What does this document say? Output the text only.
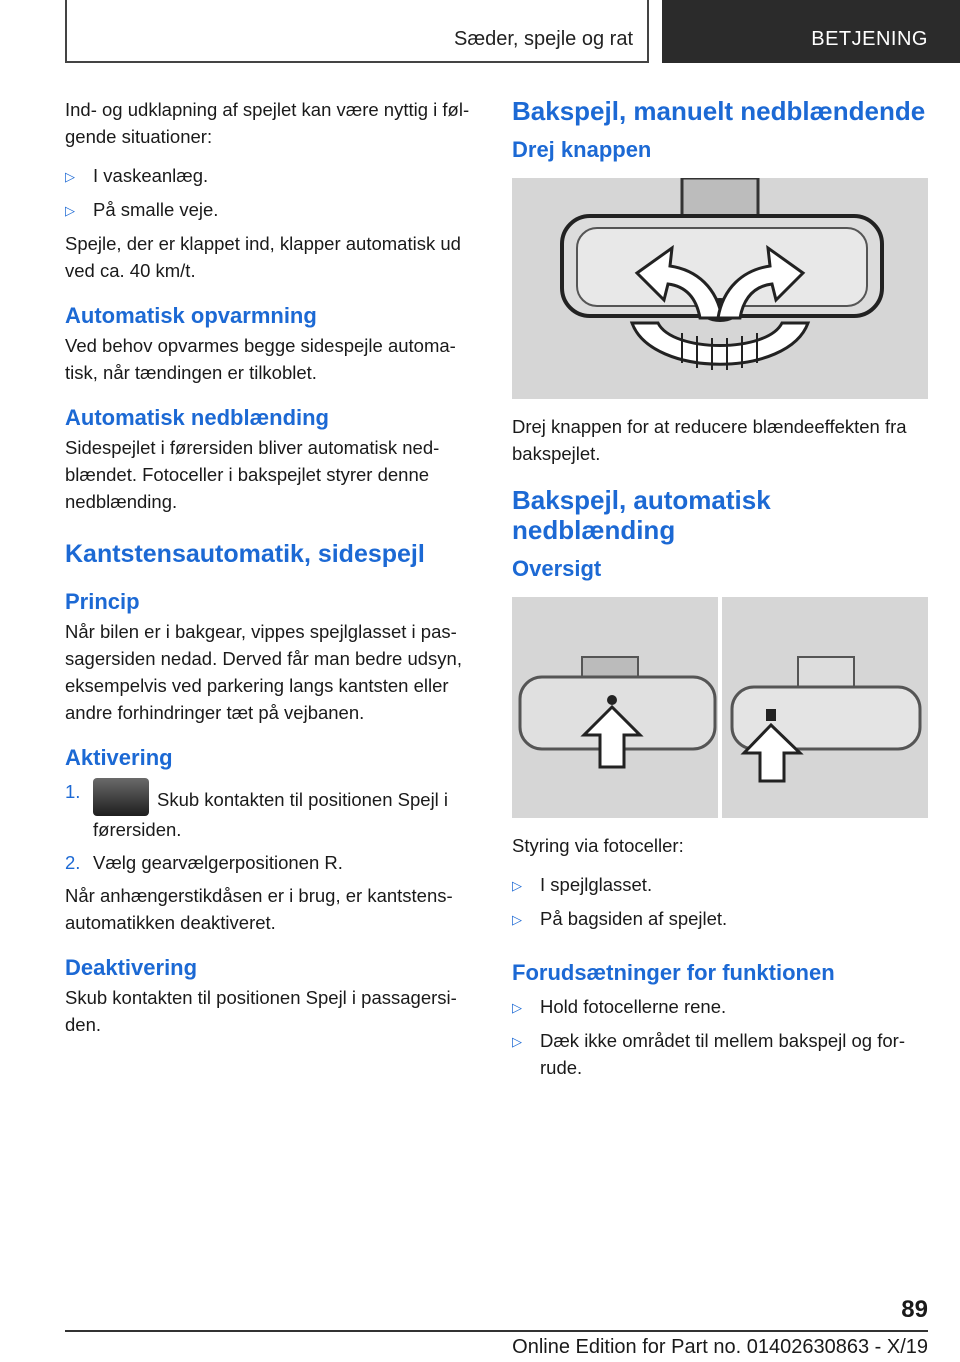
Sæder, spejle og rat	BETJENING

Ind- og udklapning af spejlet kan være nyttig i følgende situationer:

▷ I vaskeanlæg.
▷ På smalle veje.

Spejle, der er klappet ind, klapper automatisk ud ved ca. 40 km/t.

Automatisk opvarmning

Ved behov opvarmes begge sidespejle automatisk, når tændingen er tilkoblet.

Automatisk nedblænding

Sidespejlet i førersiden bliver automatisk nedblændet. Fotoceller i bakspejlet styrer denne nedblænding.

Kantstensautomatik, sidespejl
Princip

Når bilen er i bakgear, vippes spejlglasset i passagersiden nedad. Derved får man bedre udsyn, eksempelvis ved parkering langs kantsten eller andre forhindringer tæt på vejbanen.

Aktivering
1.	Skub kontakten til positionen Spejl i førersiden.
2. Vælg gearvælgerpositionen R.

Når anhængerstikdåsen er i brug, er kantstensautomatikken deaktiveret.

Deaktivering

Skub kontakten til positionen Spejl i passagersiden.

Bakspejl, manuelt nedblændende
Drej knappen

Drej knappen for at reducere blændeeffekten fra bakspejlet.

Bakspejl, automatisk nedblænding
Oversigt

Styring via fotoceller:

▷ I spejlglasset.
▷ På bagsiden af spejlet.
Forudsætninger for funktionen
▷ Hold fotocellerne rene.
▷ Dæk ikke området til mellem bakspejl og forrude.
89
Online Edition for Part no. 01402630863 - X/19
